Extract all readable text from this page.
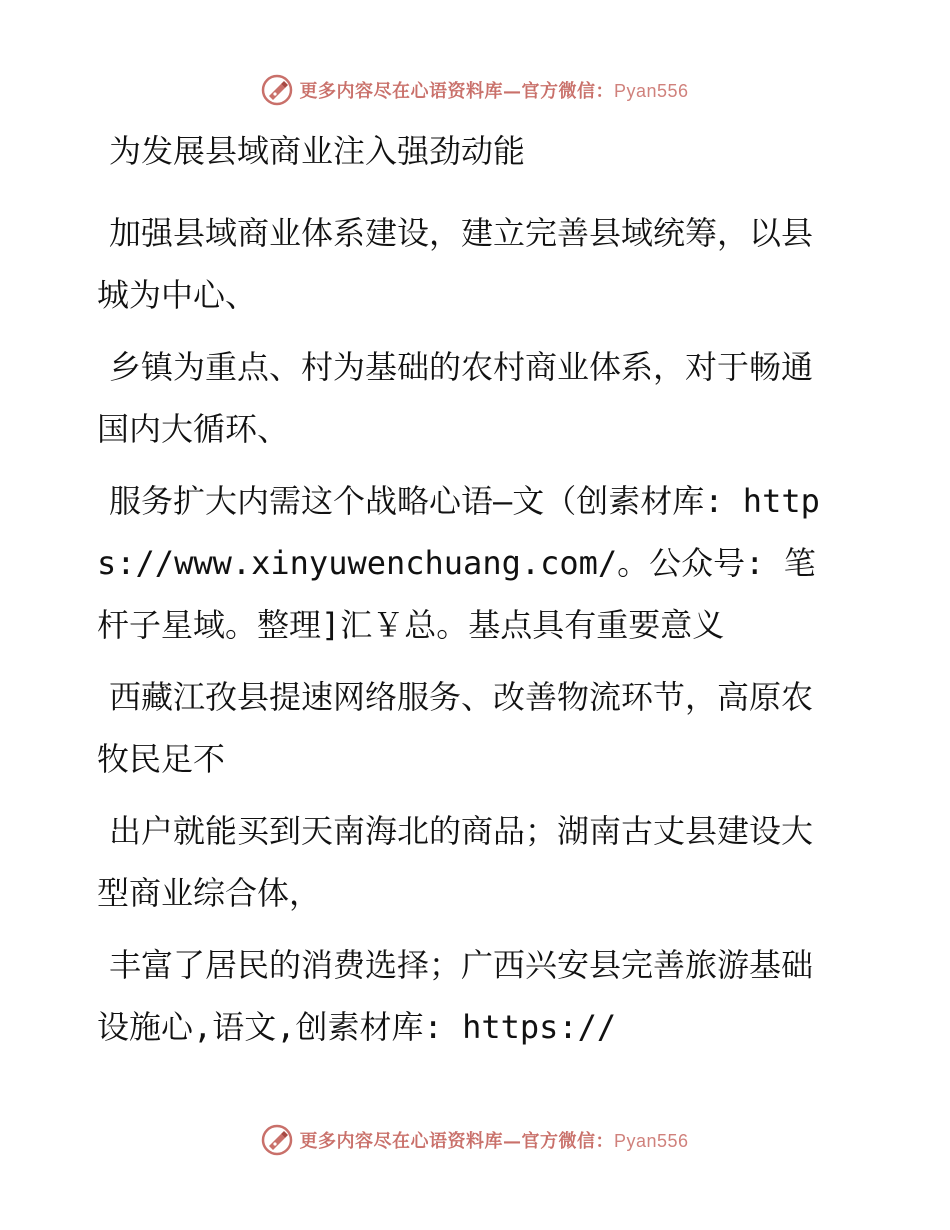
更多内容尽在心语资料库—官方微信：Pyan556

为发展县域商业注入强劲动能

加强县域商业体系建设，建立完善县域统筹，以县城为中心、

乡镇为重点、村为基础的农村商业体系，对于畅通国内大循环、

服务扩大内需这个战略心语—文（创素材库: https://www.xinyuwenchuang.com/。公众号: 笔杆子星域。整理]汇￥总。基点具有重要意义

西藏江孜县提速网络服务、改善物流环节，高原农牧民足不

出户就能买到天南海北的商品；湖南古丈县建设大型商业综合体，

丰富了居民的消费选择；广西兴安县完善旅游基础设施心,语文,创素材库: https://

更多内容尽在心语资料库—官方微信：Pyan556
